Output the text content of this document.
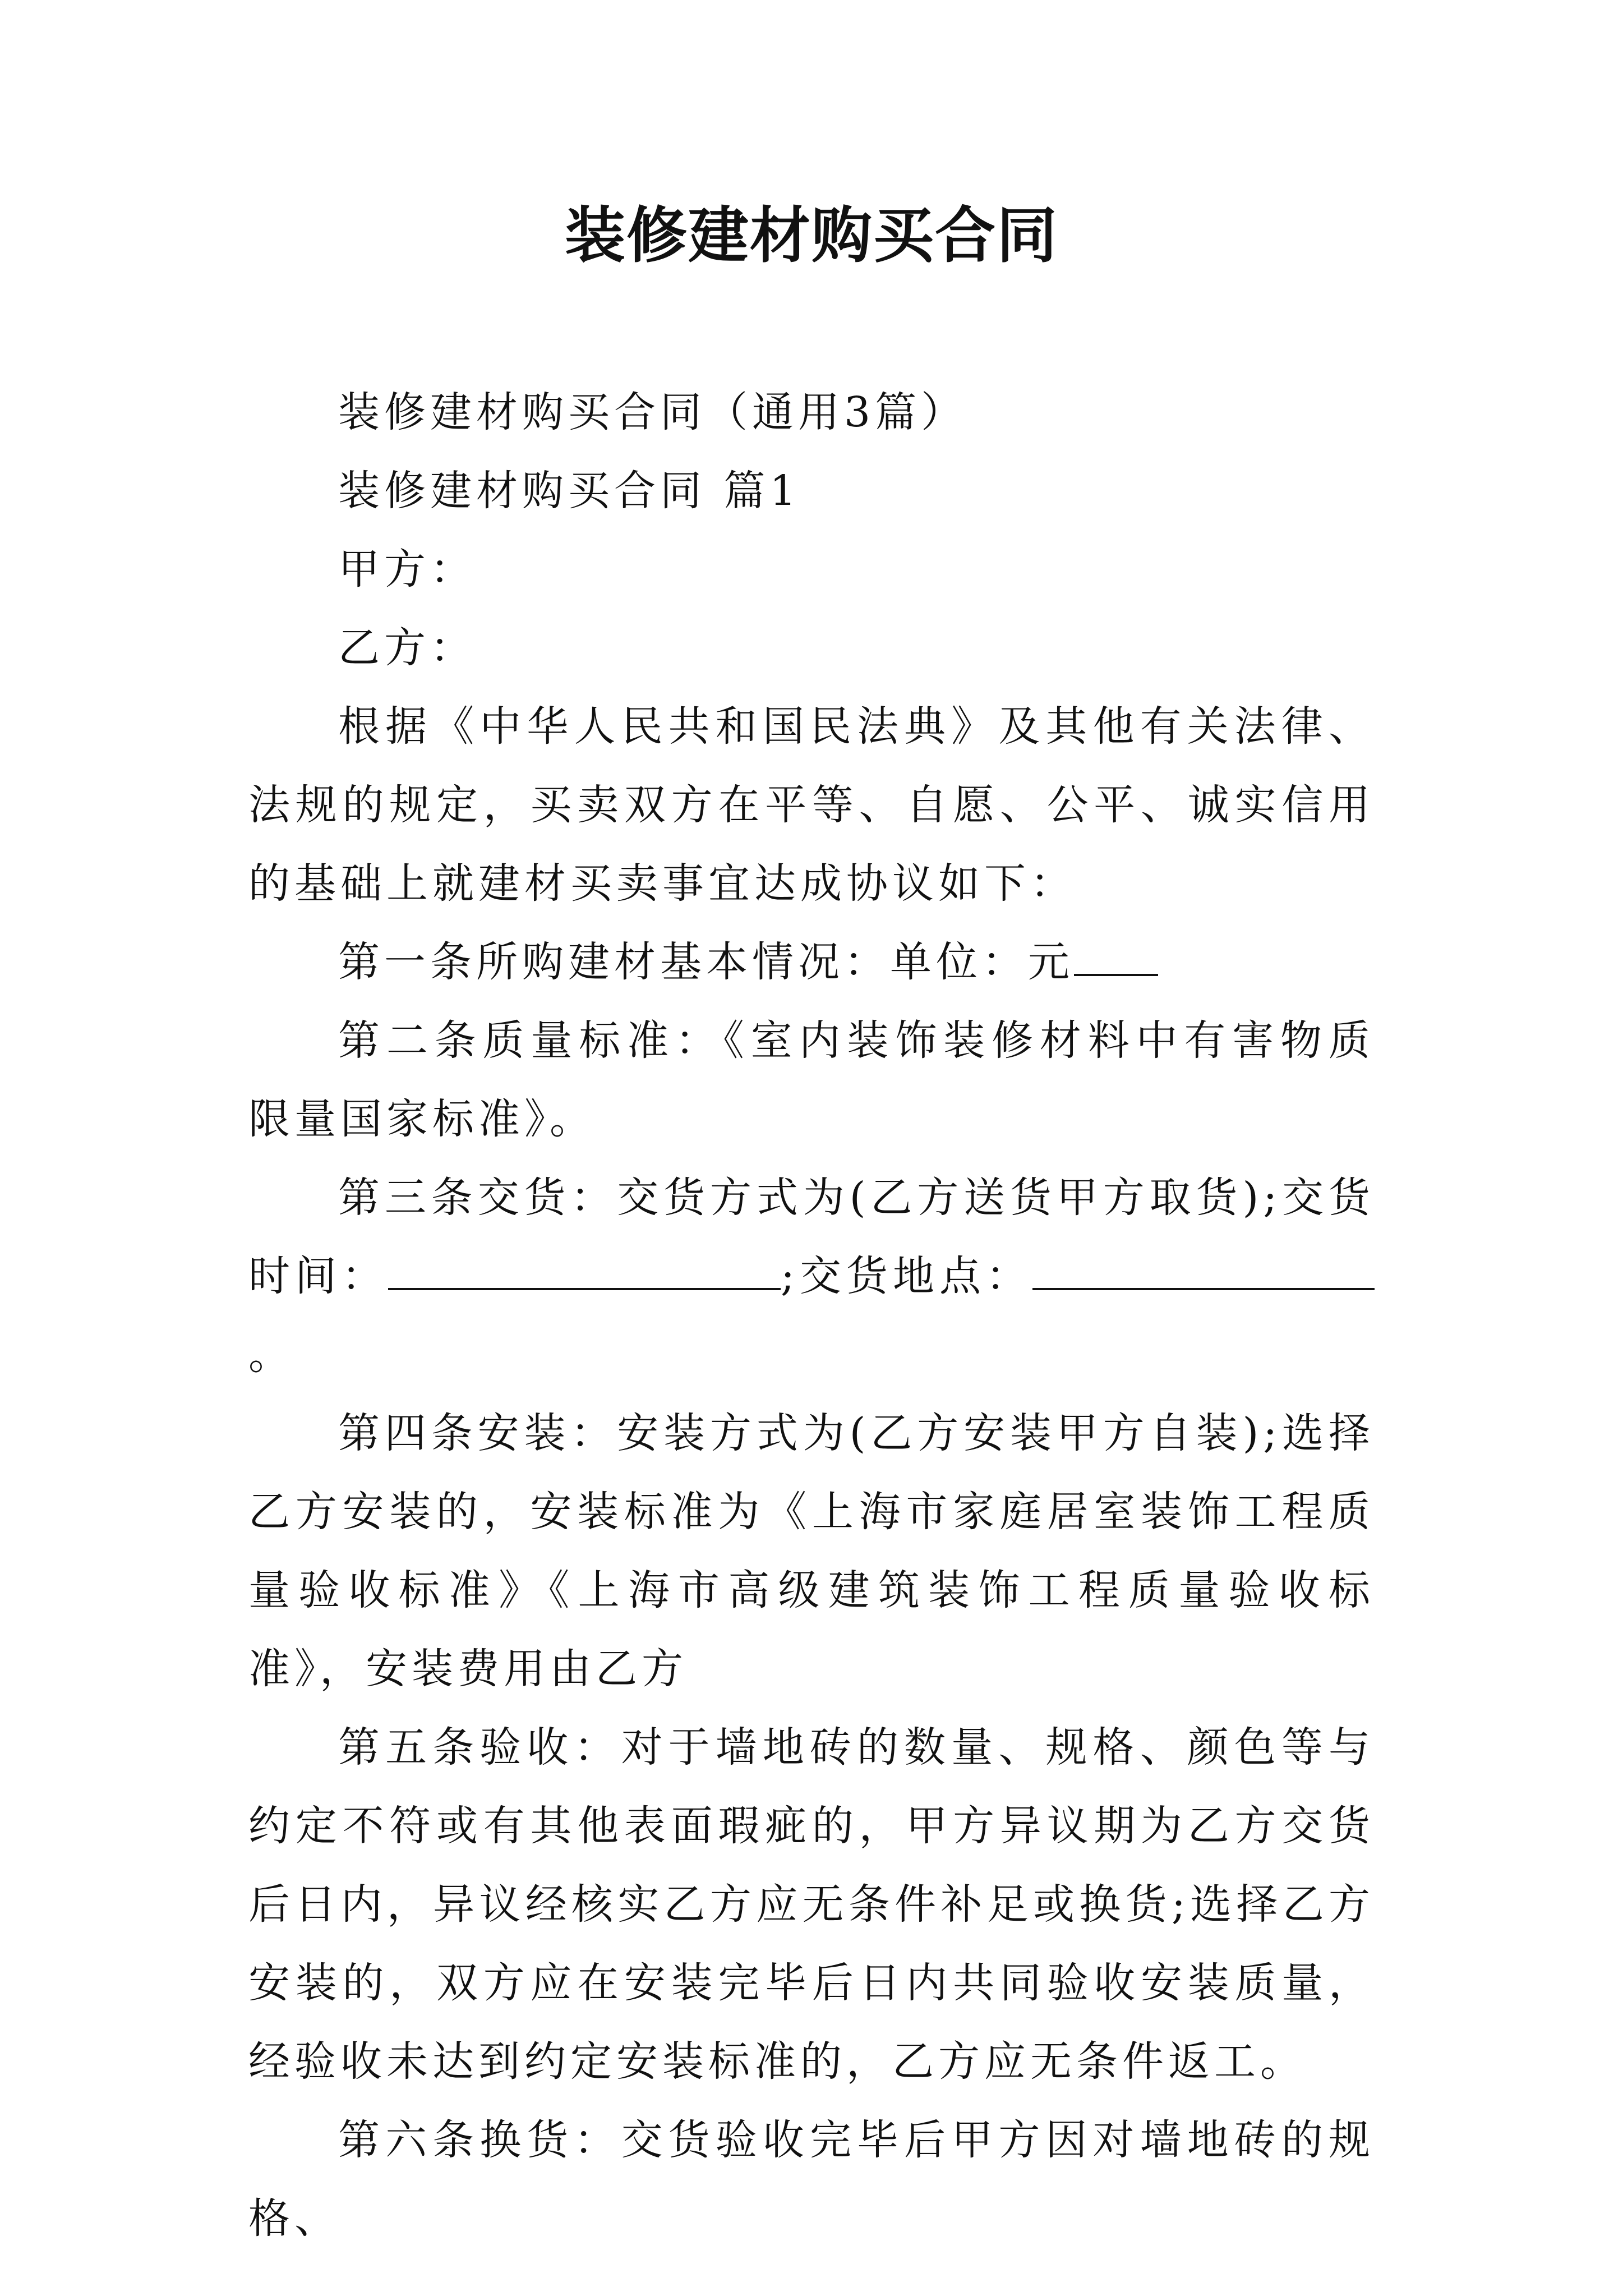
装修建材购买合同

装修建材购买合同（通用3篇）

装修建材购买合同 篇1

甲方：

乙方：

根据《中华人民共和国民法典》及其他有关法律、法规的规定，买卖双方在平等、自愿、公平、诚实信用的基础上就建材买卖事宜达成协议如下：

第一条所购建材基本情况：单位：元

第二条质量标准：《室内装饰装修材料中有害物质限量国家标准》。

第三条交货：交货方式为(乙方送货甲方取货);交货时间：	;交货地点：。

第四条安装：安装方式为(乙方安装甲方自装);选择乙方安装的，安装标准为《上海市家庭居室装饰工程质量验收标准》《上海市高级建筑装饰工程质量验收标准》，安装费用由乙方

第五条验收：对于墙地砖的数量、规格、颜色等与约定不符或有其他表面瑕疵的，甲方异议期为乙方交货后日内，异议经核实乙方应无条件补足或换货;选择乙方安装的，双方应在安装完毕后日内共同验收安装质量，经验收未达到约定安装标准的，乙方应无条件返工。

第六条换货：交货验收完毕后甲方因对墙地砖的规格、
